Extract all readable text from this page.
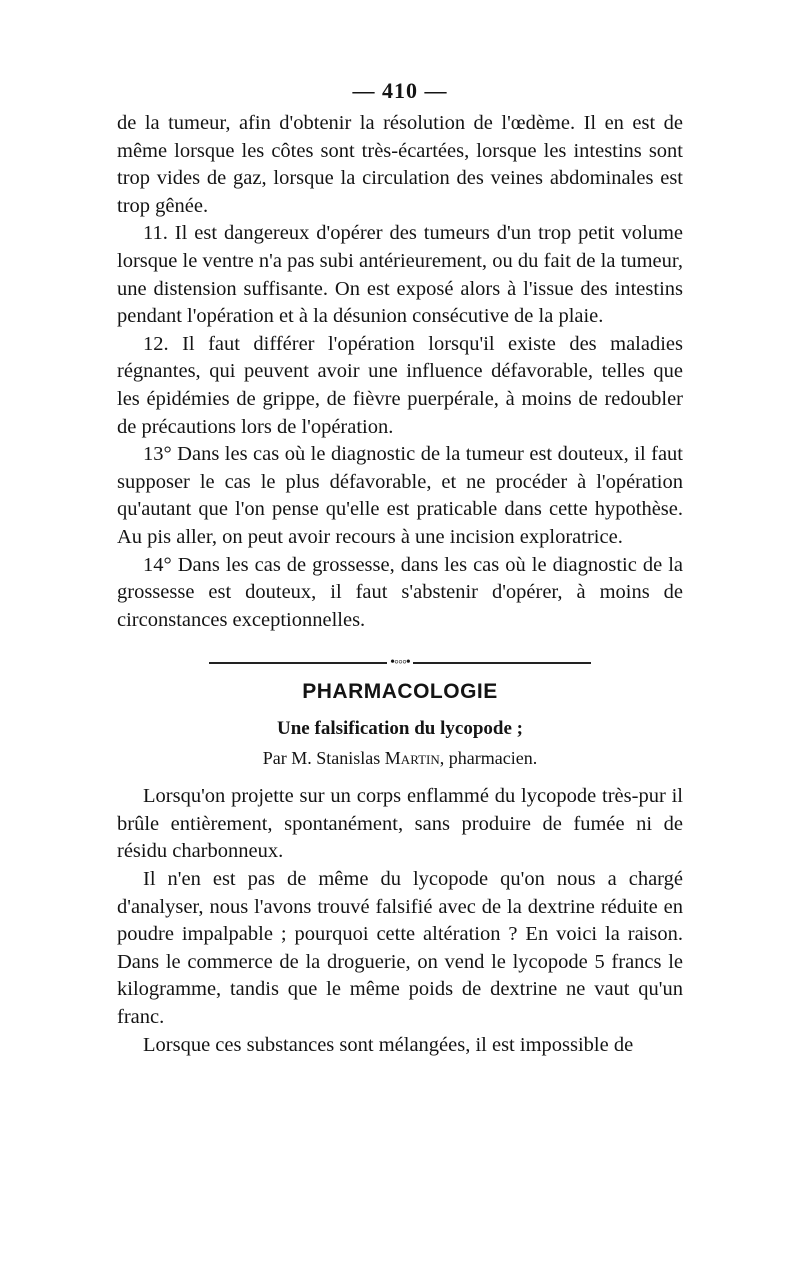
— 410 —

de la tumeur, afin d'obtenir la résolution de l'œdème. Il en est de même lorsque les côtes sont très-écartées, lorsque les intestins sont trop vides de gaz, lorsque la circulation des veines abdominales est trop gênée.

11. Il est dangereux d'opérer des tumeurs d'un trop petit volume lorsque le ventre n'a pas subi antérieurement, ou du fait de la tumeur, une distension suffisante. On est exposé alors à l'issue des intestins pendant l'opération et à la désunion consécutive de la plaie.

12. Il faut différer l'opération lorsqu'il existe des maladies régnantes, qui peuvent avoir une influence défavorable, telles que les épidémies de grippe, de fièvre puerpérale, à moins de redoubler de précautions lors de l'opération.

13° Dans les cas où le diagnostic de la tumeur est douteux, il faut supposer le cas le plus défavorable, et ne procéder à l'opération qu'autant que l'on pense qu'elle est praticable dans cette hypothèse. Au pis aller, on peut avoir recours à une incision exploratrice.

14° Dans les cas de grossesse, dans les cas où le diagnostic de la grossesse est douteux, il faut s'abstenir d'opérer, à moins de circonstances exceptionnelles.

•◦◦◦•
PHARMACOLOGIE
Une falsification du lycopode ;
Par M. Stanislas Martin, pharmacien.

Lorsqu'on projette sur un corps enflammé du lycopode très-pur il brûle entièrement, spontanément, sans produire de fumée ni de résidu charbonneux.

Il n'en est pas de même du lycopode qu'on nous a chargé d'analyser, nous l'avons trouvé falsifié avec de la dextrine réduite en poudre impalpable ; pourquoi cette altération ? En voici la raison. Dans le commerce de la droguerie, on vend le lycopode 5 francs le kilogramme, tandis que le même poids de dextrine ne vaut qu'un franc.

Lorsque ces substances sont mélangées, il est impossible de
